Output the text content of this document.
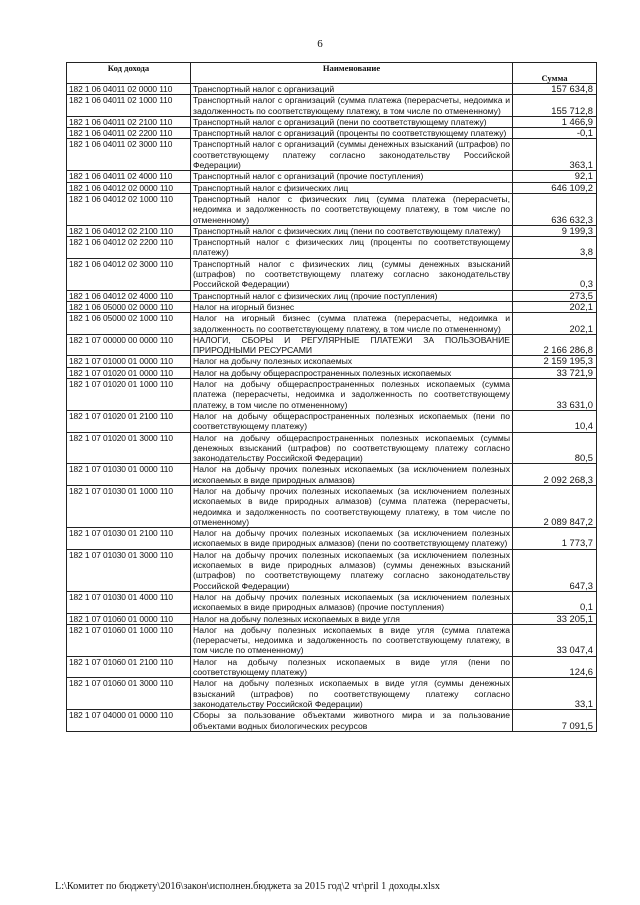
6
Код дохода	Наименование	Сумма
182 1 06 04011 02 0000 110	Транспортный налог с организаций	157 634,8
182 1 06 04011 02 1000 110	Транспортный налог с организаций (сумма платежа (перерасчеты, недоимка и задолженность по соответствующему платежу, в том числе по отмененному)	155 712,8
182 1 06 04011 02 2100 110	Транспортный налог с организаций (пени по соответствующему платежу)	1 466,9
182 1 06 04011 02 2200 110	Транспортный налог с организаций (проценты по соответствующему платежу)	-0,1
182 1 06 04011 02 3000 110	Транспортный налог с организаций (суммы денежных взысканий (штрафов) по соответствующему платежу согласно законодательству Российской Федерации)	363,1
182 1 06 04011 02 4000 110	Транспортный налог с организаций (прочие поступления)	92,1
182 1 06 04012 02 0000 110	Транспортный налог с физических лиц	646 109,2
182 1 06 04012 02 1000 110	Транспортный налог с физических лиц (сумма платежа (перерасчеты, недоимка и задолженность по соответствующему платежу, в том числе по отмененному)	636 632,3
182 1 06 04012 02 2100 110	Транспортный налог с физических лиц (пени по соответствующему платежу)	9 199,3
182 1 06 04012 02 2200 110	Транспортный налог с физических лиц (проценты по соответствующему платежу)	3,8
182 1 06 04012 02 3000 110	Транспортный налог с физических лиц (суммы денежных взысканий (штрафов) по соответствующему платежу согласно законодательству Российской Федерации)	0,3
182 1 06 04012 02 4000 110	Транспортный налог с физических лиц (прочие поступления)	273,5
182 1 06 05000 02 0000 110	Налог на игорный бизнес	202,1
182 1 06 05000 02 1000 110	Налог на игорный бизнес (сумма платежа (перерасчеты, недоимка и задолженность по соответствующему платежу, в том числе по отмененному)	202,1
182 1 07 00000 00 0000 110	НАЛОГИ, СБОРЫ И РЕГУЛЯРНЫЕ ПЛАТЕЖИ ЗА ПОЛЬЗОВАНИЕ ПРИРОДНЫМИ РЕСУРСАМИ	2 166 286,8
182 1 07 01000 01 0000 110	Налог на добычу полезных ископаемых	2 159 195,3
182 1 07 01020 01 0000 110	Налог на добычу общераспространенных полезных ископаемых	33 721,9
182 1 07 01020 01 1000 110	Налог на добычу общераспространенных полезных ископаемых (сумма платежа (перерасчеты, недоимка и задолженность по соответствующему платежу, в том числе по отмененному)	33 631,0
182 1 07 01020 01 2100 110	Налог на добычу общераспространенных полезных ископаемых (пени по соответствующему платежу)	10,4
182 1 07 01020 01 3000 110	Налог на добычу общераспространенных полезных ископаемых (суммы денежных взысканий (штрафов) по соответствующему платежу согласно законодательству Российской Федерации)	80,5
182 1 07 01030 01 0000 110	Налог на добычу прочих полезных ископаемых (за исключением полезных ископаемых в виде природных алмазов)	2 092 268,3
182 1 07 01030 01 1000 110	Налог на добычу прочих полезных ископаемых (за исключением полезных ископаемых в виде природных алмазов) (сумма платежа (перерасчеты, недоимка и задолженность по соответствующему платежу, в том числе по отмененному)	2 089 847,2
182 1 07 01030 01 2100 110	Налог на добычу прочих полезных ископаемых (за исключением полезных ископаемых в виде природных алмазов) (пени по соответствующему платежу)	1 773,7
182 1 07 01030 01 3000 110	Налог на добычу прочих полезных ископаемых (за исключением полезных ископаемых в виде природных алмазов) (суммы денежных взысканий (штрафов) по соответствующему платежу согласно законодательству Российской Федерации)	647,3
182 1 07 01030 01 4000 110	Налог на добычу прочих полезных ископаемых (за исключением полезных ископаемых в виде природных алмазов) (прочие поступления)	0,1
182 1 07 01060 01 0000 110	Налог на добычу полезных ископаемых в виде угля	33 205,1
182 1 07 01060 01 1000 110	Налог на добычу полезных ископаемых в виде угля (сумма платежа (перерасчеты, недоимка и задолженность по соответствующему платежу, в том числе по отмененному)	33 047,4
182 1 07 01060 01 2100 110	Налог на добычу полезных ископаемых в виде угля (пени по соответствующему платежу)	124,6
182 1 07 01060 01 3000 110	Налог на добычу полезных ископаемых в виде угля (суммы денежных взысканий (штрафов) по соответствующему платежу согласно законодательству Российской Федерации)	33,1
182 1 07 04000 01 0000 110	Сборы за пользование объектами животного мира и за пользование объектами водных биологических ресурсов	7 091,5
L:\Комитет по бюджету\2016\закон\исполнен.бюджета за 2015 год\2 чт\pril 1 доходы.xlsx
